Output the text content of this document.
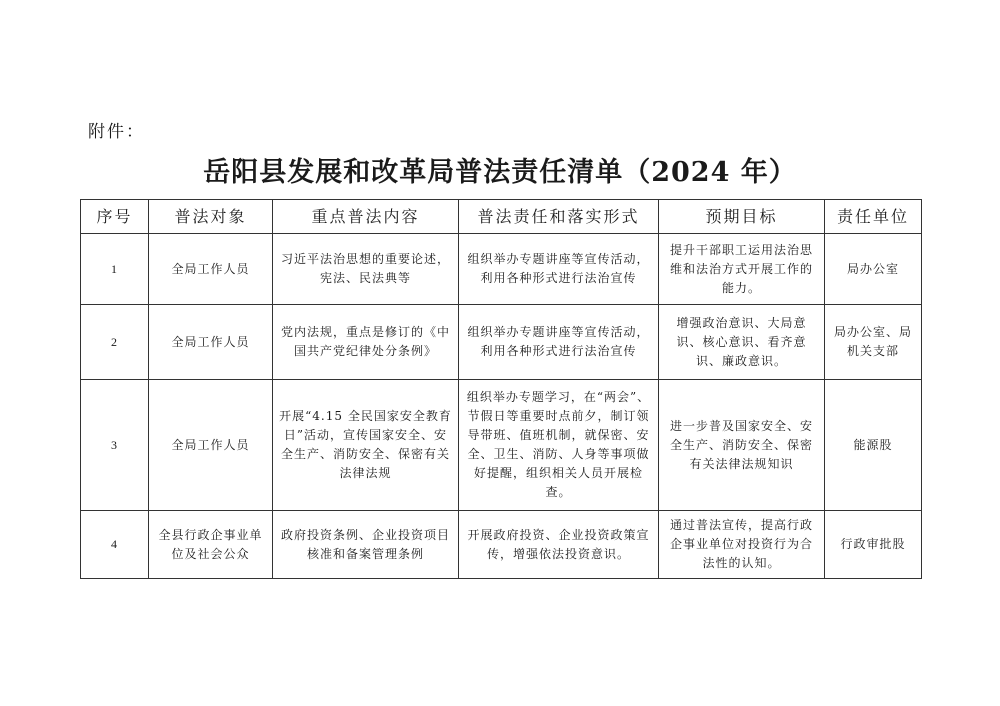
附件：
岳阳县发展和改革局普法责任清单（2024 年）
序号	普法对象	重点普法内容	普法责任和落实形式	预期目标	责任单位
1	全局工作人员	习近平法治思想的重要论述，宪法、民法典等	组织举办专题讲座等宣传活动，利用各种形式进行法治宣传	提升干部职工运用法治思维和法治方式开展工作的能力。	局办公室
2	全局工作人员	党内法规，重点是修订的《中国共产党纪律处分条例》	组织举办专题讲座等宣传活动，利用各种形式进行法治宣传	增强政治意识、大局意识、核心意识、看齐意识、廉政意识。	局办公室、局机关支部
3	全局工作人员	开展“4.15 全民国家安全教育日”活动，宣传国家安全、安全生产、消防安全、保密有关法律法规	组织举办专题学习，在“两会”、节假日等重要时点前夕，制订领导带班、值班机制，就保密、安全、卫生、消防、人身等事项做好提醒，组织相关人员开展检查。	进一步普及国家安全、安全生产、消防安全、保密有关法律法规知识	能源股
4	全县行政企事业单位及社会公众	政府投资条例、企业投资项目核准和备案管理条例	开展政府投资、企业投资政策宣传，增强依法投资意识。	通过普法宣传，提高行政企事业单位对投资行为合法性的认知。	行政审批股
